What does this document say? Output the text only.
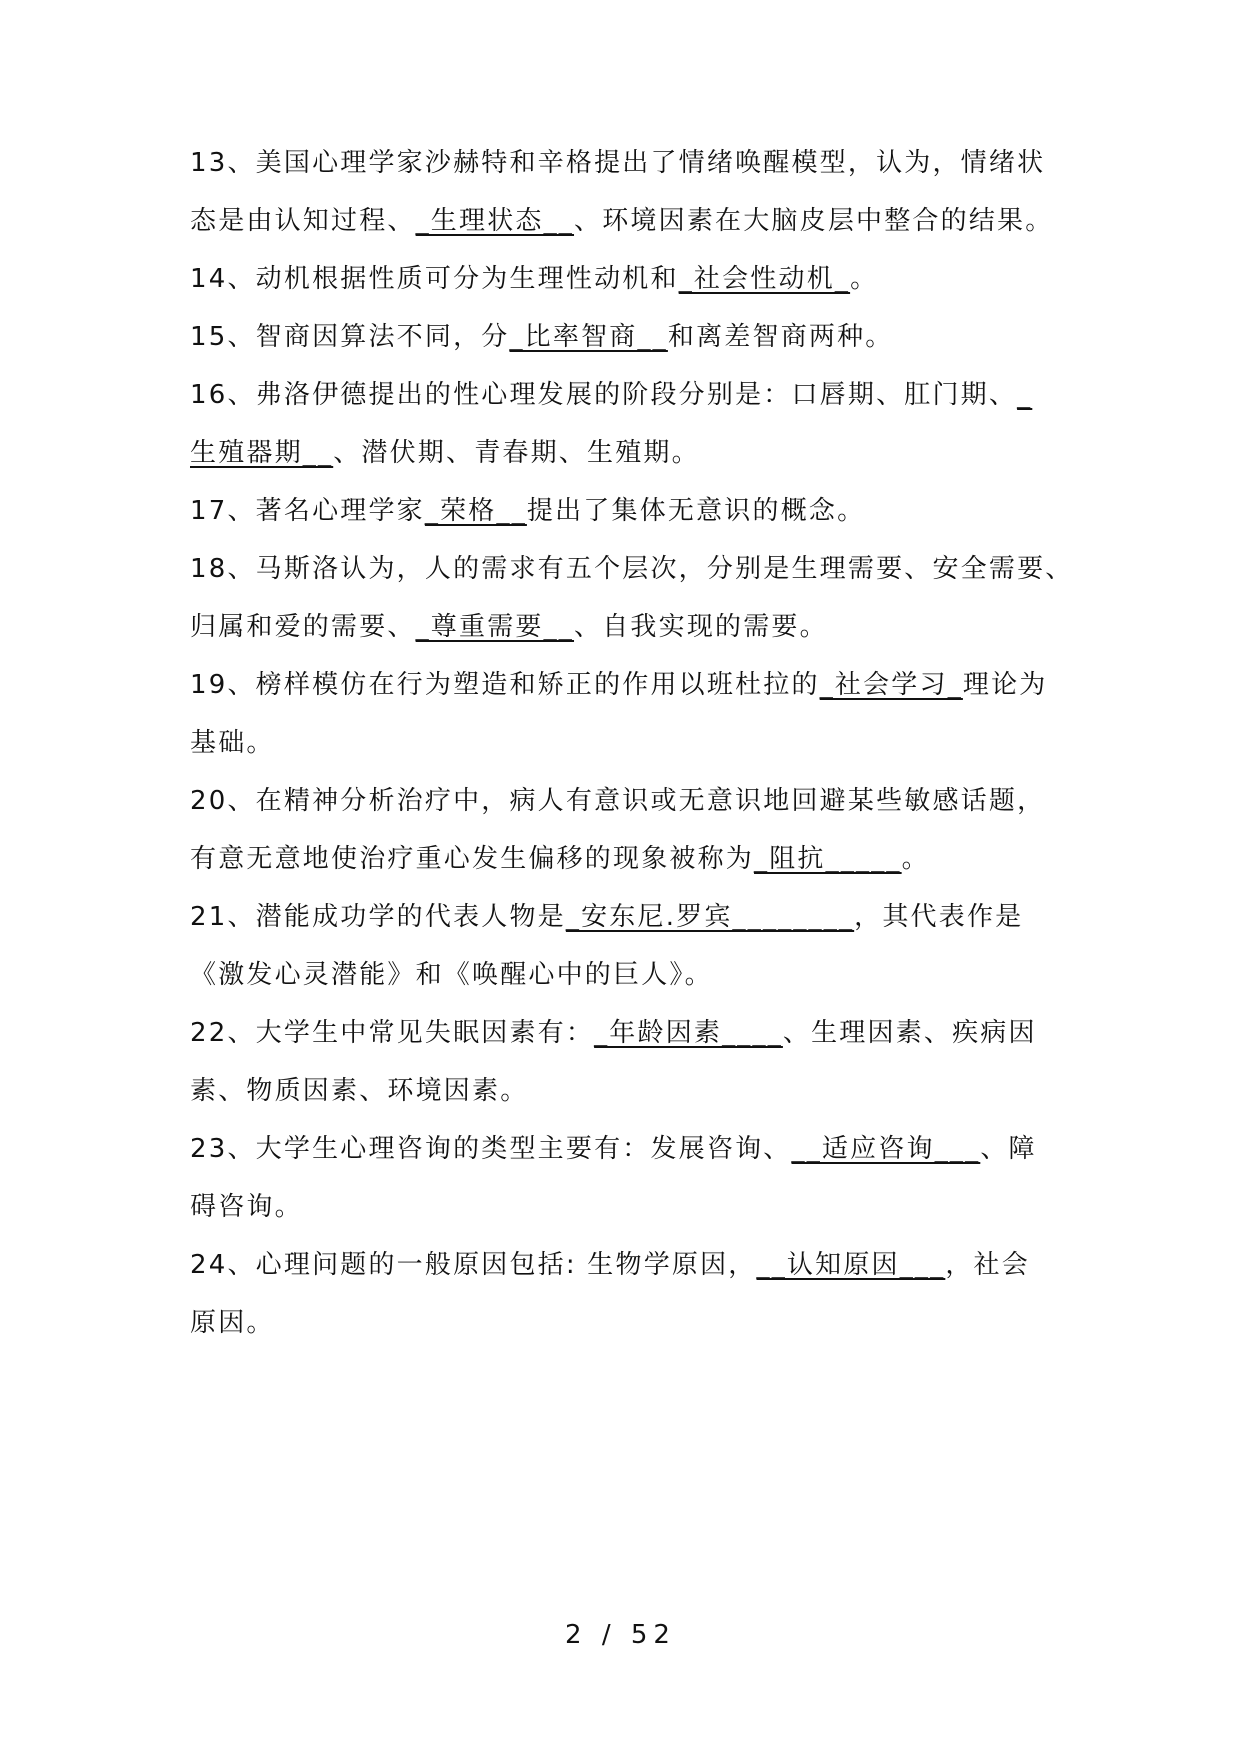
13、美国心理学家沙赫特和辛格提出了情绪唤醒模型，认为，情绪状
态是由认知过程、_生理状态__、环境因素在大脑皮层中整合的结果。
14、动机根据性质可分为生理性动机和_社会性动机_。
15、智商因算法不同，分_比率智商__和离差智商两种。
16、弗洛伊德提出的性心理发展的阶段分别是：口唇期、肛门期、_
生殖器期__、潜伏期、青春期、生殖期。
17、著名心理学家_荣格__提出了集体无意识的概念。
18、马斯洛认为，人的需求有五个层次，分别是生理需要、安全需要、
归属和爱的需要、_尊重需要__、自我实现的需要。
19、榜样模仿在行为塑造和矫正的作用以班杜拉的_社会学习_理论为
基础。
20、在精神分析治疗中，病人有意识或无意识地回避某些敏感话题，
有意无意地使治疗重心发生偏移的现象被称为_阻抗_____。
21、潜能成功学的代表人物是_安东尼.罗宾________，其代表作是
《激发心灵潜能》和《唤醒心中的巨人》。
22、大学生中常见失眠因素有：_年龄因素____、生理因素、疾病因
素、物质因素、环境因素。
23、大学生心理咨询的类型主要有：发展咨询、__适应咨询___、障
碍咨询。
24、心理问题的一般原因包括: 生物学原因，__认知原因___，社会
原因。
2 / 52
